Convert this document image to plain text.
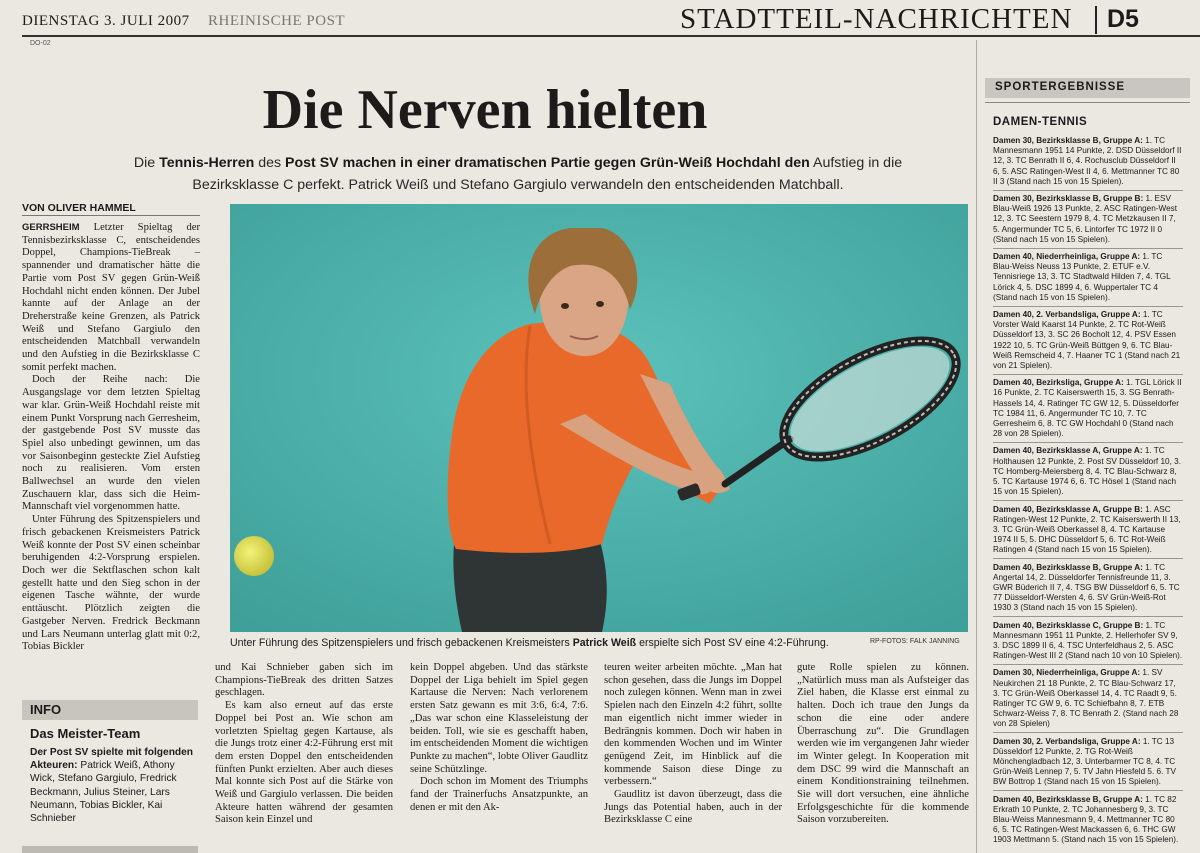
DIENSTAG 3. JULI 2007 RHEINISCHE POST	STADTTEIL-NACHRICHTEN D5
DO-02
Die Nerven hielten
Die Tennis-Herren des Post SV machen in einer dramatischen Partie gegen Grün-Weiß Hochdahl den Aufstieg in die Bezirksklasse C perfekt. Patrick Weiß und Stefano Gargiulo verwandeln den entscheidenden Matchball.
VON OLIVER HAMMEL

GERRSHEIM Letzter Spieltag der Tennisbezirksklasse C, entscheidendes Doppel, Champions-TieBreak – spannender und dramatischer hätte die Partie vom Post SV gegen Grün-Weiß Hochdahl nicht enden können. Der Jubel kannte auf der Anlage an der Dreherstraße keine Grenzen, als Patrick Weiß und Stefano Gargiulo den entscheidenden Matchball verwandeln und den Aufstieg in die Bezirksklasse C somit perfekt machen.

Doch der Reihe nach: Die Ausgangslage vor dem letzten Spieltag war klar. Grün-Weiß Hochdahl reiste mit einem Punkt Vorsprung nach Gerresheim, der gastgebende Post SV musste das Spiel also unbedingt gewinnen, um das vor Saisonbeginn gesteckte Ziel Aufstieg noch zu realisieren. Vom ersten Ballwechsel an wurde den vielen Zuschauern klar, dass sich die Heim-Mannschaft viel vorgenommen hatte.

Unter Führung des Spitzenspielers und frisch gebackenen Kreismeisters Patrick Weiß konnte der Post SV einen scheinbar beruhigenden 4:2-Vorsprung erspielen. Doch wer die Sektflaschen schon kalt gestellt hatte und den Sieg schon in der eigenen Tasche wähnte, der wurde enttäuscht. Plötzlich zeigten die Gastgeber Nerven. Fredrick Beckmann und Lars Neumann unterlag glatt mit 0:2, Tobias Bickler	RP-FOTOS: FALK JANNING
Unter Führung des Spitzenspielers und frisch gebackenen Kreismeisters Patrick Weiß erspielte sich Post SV eine 4:2-Führung.

und Kai Schnieber gaben sich im Champions-TieBreak des dritten Satzes geschlagen.

Es kam also erneut auf das erste Doppel bei Post an. Wie schon am vorletzten Spieltag gegen Kartause, als die Jungs trotz einer 4:2-Führung erst mit dem ersten Doppel den entscheidenden fünften Punkt erzielten. Aber auch dieses Mal konnte sich Post auf die Stärke von Weiß und Gargiulo verlassen. Die beiden Akteure hatten während der gesamten Saison kein Einzel und

kein Doppel abgeben. Und das stärkste Doppel der Liga behielt im Spiel gegen Kartause die Nerven: Nach verlorenem ersten Satz gewann es mit 3:6, 6:4, 7:6. „Das war schon eine Klasseleistung der beiden. Toll, wie sie es geschafft haben, im entscheidenden Moment die wichtigen Punkte zu machen“, lobte Oliver Gaudlitz seine Schützlinge.

Doch schon im Moment des Triumphs fand der Trainerfuchs Ansatzpunkte, an denen er mit den Ak-

teuren weiter arbeiten möchte. „Man hat schon gesehen, dass die Jungs im Doppel noch zulegen können. Wenn man in zwei Spielen nach den Einzeln 4:2 führt, sollte man eigentlich nicht immer wieder in Bedrängnis kommen. Doch wir haben in den kommenden Wochen und im Winter genügend Zeit, im Hinblick auf die kommende Saison diese Dinge zu verbessern.“

Gaudlitz ist davon überzeugt, dass die Jungs das Potential haben, auch in der Bezirksklasse C eine

gute Rolle spielen zu können. „Natürlich muss man als Aufsteiger das Ziel haben, die Klasse erst einmal zu halten. Doch ich traue den Jungs da schon die eine oder andere Überraschung zu“. Die Grundlagen werden wie im vergangenen Jahr wieder im Winter gelegt. In Kooperation mit dem DSC 99 wird die Mannschaft an einem Konditionstraining teilnehmen. Sie will dort versuchen, eine ähnliche Erfolgsgeschichte für die kommende Saison vorzubereiten.

INFO
Das Meister-Team
Der Post SV spielte mit folgenden Akteuren: Patrick Weiß, Athony Wick, Stefano Gargiulo, Fredrick Beckmann, Julius Steiner, Lars Neumann, Tobias Bickler, Kai Schnieber
SPORTERGEBNISSE
DAMEN-TENNIS

Damen 30, Bezirksklasse B, Gruppe A: 1. TC Mannesmann 1951 14 Punkte, 2. DSD Düsseldorf II 12, 3. TC Benrath II 6, 4. Rochusclub Düsseldorf II 6, 5. ASC Ratingen-West II 4, 6. Mettmanner TC 80 II 3 (Stand nach 15 von 15 Spielen).

Damen 30, Bezirksklasse B, Gruppe B: 1. ESV Blau-Weiß 1926 13 Punkte, 2. ASC Ratingen-West 12, 3. TC Seestern 1979 8, 4. TC Metzkausen II 7, 5. Angermunder TC 5, 6. Lintorfer TC 1972 II 0 (Stand nach 15 von 15 Spielen).

Damen 40, Niederrheinliga, Gruppe A: 1. TC Blau-Weiss Neuss 13 Punkte, 2. ETUF e.V. Tennisriege 13, 3. TC Stadtwald Hilden 7, 4. TGL Lörick 4, 5. DSC 1899 4, 6. Wuppertaler TC 4 (Stand nach 15 von 15 Spielen).

Damen 40, 2. Verbandsliga, Gruppe A: 1. TC Vorster Wald Kaarst 14 Punkte, 2. TC Rot-Weiß Düsseldorf 13, 3. SC 26 Bocholt 12, 4. PSV Essen 1922 10, 5. TC Grün-Weiß Büttgen 9, 6. TC Blau-Weiß Remscheid 4, 7. Haaner TC 1 (Stand nach 21 von 21 Spielen).

Damen 40, Bezirksliga, Gruppe A: 1. TGL Lörick II 16 Punkte, 2. TC Kaiserswerth 15, 3. SG Benrath-Hassels 14, 4. Ratinger TC GW 12, 5. Düsseldorfer TC 1984 11, 6. Angermunder TC 10, 7. TC Gerresheim 6, 8. TC GW Hochdahl 0 (Stand nach 28 von 28 Spielen).

Damen 40, Bezirksklasse A, Gruppe A: 1. TC Holthausen 12 Punkte, 2. Post SV Düsseldorf 10, 3. TC Homberg-Meiersberg 8, 4. TC Blau-Schwarz 8, 5. TC Kartause 1974 6, 6. TC Hösel 1 (Stand nach 15 von 15 Spielen).

Damen 40, Bezirksklasse A, Gruppe B: 1. ASC Ratingen-West 12 Punkte, 2. TC Kaiserswerth II 13, 3. TC Grün-Weiß Oberkassel 8, 4. TC Kartause 1974 II 5, 5. DHC Düsseldorf 5, 6. TC Rot-Weiß Ratingen 4 (Stand nach 15 von 15 Spielen).

Damen 40, Bezirksklasse B, Gruppe A: 1. TC Angertal 14, 2. Düsseldorfer Tennisfreunde 11, 3. GWR Büderich II 7, 4. TSG BW Düsseldorf 6, 5. TC 77 Düsseldorf-Wersten 4, 6. SV Grün-Weiß-Rot 1930 3 (Stand nach 15 von 15 Spielen).

Damen 40, Bezirksklasse C, Gruppe B: 1. TC Mannesmann 1951 11 Punkte, 2. Hellerhofer SV 9, 3. DSC 1899 II 6, 4. TSC Unterfeldhaus 2, 5. ASC Ratingen-West III 2 (Stand nach 10 von 10 Spielen).

Damen 30, Niederrheinliga, Gruppe A: 1. SV Neukirchen 21 18 Punkte, 2. TC Blau-Schwarz 17, 3. TC Grün-Weiß Oberkassel 14, 4. TC Raadt 9, 5. Ratinger TC GW 9, 6. TC Schiefbahn 8, 7. ETB Schwarz-Weiss 7, 8. TC Benrath 2. (Stand nach 28 von 28 Spielen)

Damen 30, 2. Verbandsliga, Gruppe A: 1. TC 13 Düsseldorf 12 Punkte, 2. TG Rot-Weiß Mönchengladbach 12, 3. Unterbarmer TC 8, 4. TC Grün-Weiß Lennep 7, 5. TV Jahn Hiesfeld 5. 6. TV BW Bottrop 1 (Stand nach 15 von 15 Spielen).

Damen 40, Bezirksklasse B, Gruppe A: 1. TC 82 Erkrath 10 Punkte, 2. TC Johannesberg 9, 3. TC Blau-Weiss Mannesmann 9, 4. Mettmanner TC 80 6, 5. TC Ratingen-West Mackassen 6, 6. THC GW 1903 Mettmann 5. (Stand nach 15 von 15 Spielen).
